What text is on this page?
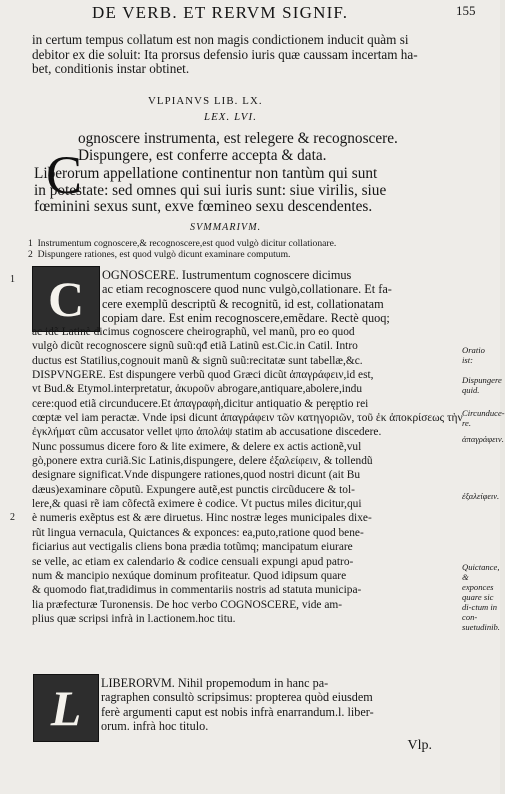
DE VERB. ET RERVM SIGNIF.	155
in certum tempus collatum est non magis condictionem inducit quàm si
debitor ex die soluit: Ita prorsus defensio iuris quæ caussam incertam ha-
bet, conditionis instar obtinet.
VLPIANVS LIB. LX.
LEX. LVI.
C
ognoscere instrumenta, est relegere & recognoscere.
Dispungere, est conferre accepta & data.
Liberorum appellatione continentur non tantùm qui sunt
in potestate: sed omnes qui sui iuris sunt: siue virilis, siue
fœminini sexus sunt, exve fœmineo sexu descendentes.
SVMMARIVM.
1 Instrumentum cognoscere,& recognoscere,est quod vulgò dicitur collationare.
2 Dispungere rationes, est quod vulgò dicunt examinare computum.
C
1
2
OGNOSCERE. Iustrumentum cognoscere dicimus
ac etiam recognoscere quod nunc vulgò,collationare. Et fa-
cere exemplũ descriptũ & recognitũ, id est, collationatam
copiam dare. Est enim recognoscere,emẽdare. Rectè quoq;
ac idẽ Latinè dicimus cognoscere cheirographũ, vel manũ, pro eo quod
vulgò dicũt recognoscere signũ suũ:qđ etiã Latinũ est.Cic.in Catil. Intro
ductus est Statilius,cognouit manũ & signũ suũ:recitatæ sunt tabellæ,&c.
DISPVNGERE. Est dispungere verbũ quod Græci dicũt ἀπαγράφειν,id est,
vt Bud.& Etymol.interpretatur, ἀκυροῦν abrogare,antiquare,abolere,indu
cere:quod etiã circunducere.Et ἀπαγραφὴ,dicitur antiquatio & peręptio rei
cœptæ vel iam peractæ. Vnde ipsi dicunt ἀπαγράφειν τῶν κατηγοριῶν, τοῦ ἐκ ἀποκρίσεως τὴν
ἐγκλήματ cũm accusator vellet ψπο ἀπολάψ statim ab accusatione discedere.
Nunc possumus dicere foro & lite eximere, & delere ex actis actionẽ,vul
gò,ponere extra curiã.Sic Latinis,dispungere, delere ἐξαλείφειν, & tollendũ
designare significat.Vnde dispungere rationes,quod nostri dicunt (ait Bu
dæus)examinare cõputũ. Expungere autẽ,est punctis circũducere & tol-
lere,& quasi rẽ iam cõfectã eximere è codice. Vt puctus miles dicitur,qui
è numeris exẽptus est & ære diruetus. Hinc nostræ leges municipales dixe-
rũt lingua vernacula, Quictances & exponces: ea,puto,ratione quod bene-
ficiarius aut vectigalis cliens bona prædia totũmq; mancipatum eiurare
se velle, ac etiam ex calendario & codice censuali expungi apud patro-
num & mancipio nexúque dominum profiteatur. Quod idipsum quare
& quomodo fiat,tradidimus in commentariis nostris ad statuta municipa-
lia præfecturæ Turonensis. De hoc verbo COGNOSCERE, vide am-
plius quæ scripsi infrà in l.actionem.hoc titu.
Oratio ist:
Dispungere quid.
Circunduce-re.
ἀπαγράφειν.
ἐξαλείφειν.
Quictance, & exponces quare sic di-ctum in con-suetudinib.
L	LIBERORVM. Nihil propemodum in hanc pa-
ragraphen consultò scripsimus: propterea quòd eiusdem
ferè argumenti caput est nobis infrà enarrandum.l. liber-
orum. infrà hoc titulo.
Vlp.
